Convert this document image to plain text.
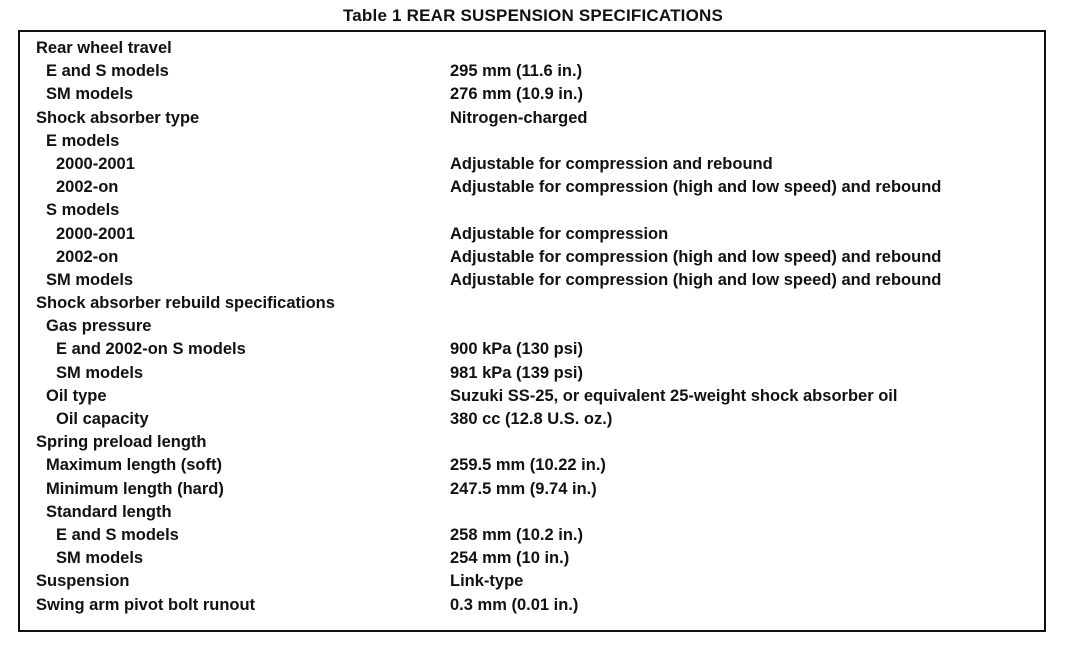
Table 1 REAR SUSPENSION SPECIFICATIONS
Rear wheel travel
E and S models	295 mm (11.6 in.)
SM models	276 mm (10.9 in.)
Shock absorber type	Nitrogen-charged
E models
2000-2001	Adjustable for compression and rebound
2002-on	Adjustable for compression (high and low speed) and rebound
S models
2000-2001	Adjustable for compression
2002-on	Adjustable for compression (high and low speed) and rebound
SM models	Adjustable for compression (high and low speed) and rebound
Shock absorber rebuild specifications
Gas pressure
E and 2002-on S models	900 kPa (130 psi)
SM models	981 kPa (139 psi)
Oil type	Suzuki SS-25, or equivalent 25-weight shock absorber oil
Oil capacity	380 cc (12.8 U.S. oz.)
Spring preload length
Maximum length (soft)	259.5 mm (10.22 in.)
Minimum length (hard)	247.5 mm (9.74 in.)
Standard length
E and S models	258 mm (10.2 in.)
SM models	254 mm (10 in.)
Suspension	Link-type
Swing arm pivot bolt runout	0.3 mm (0.01 in.)
